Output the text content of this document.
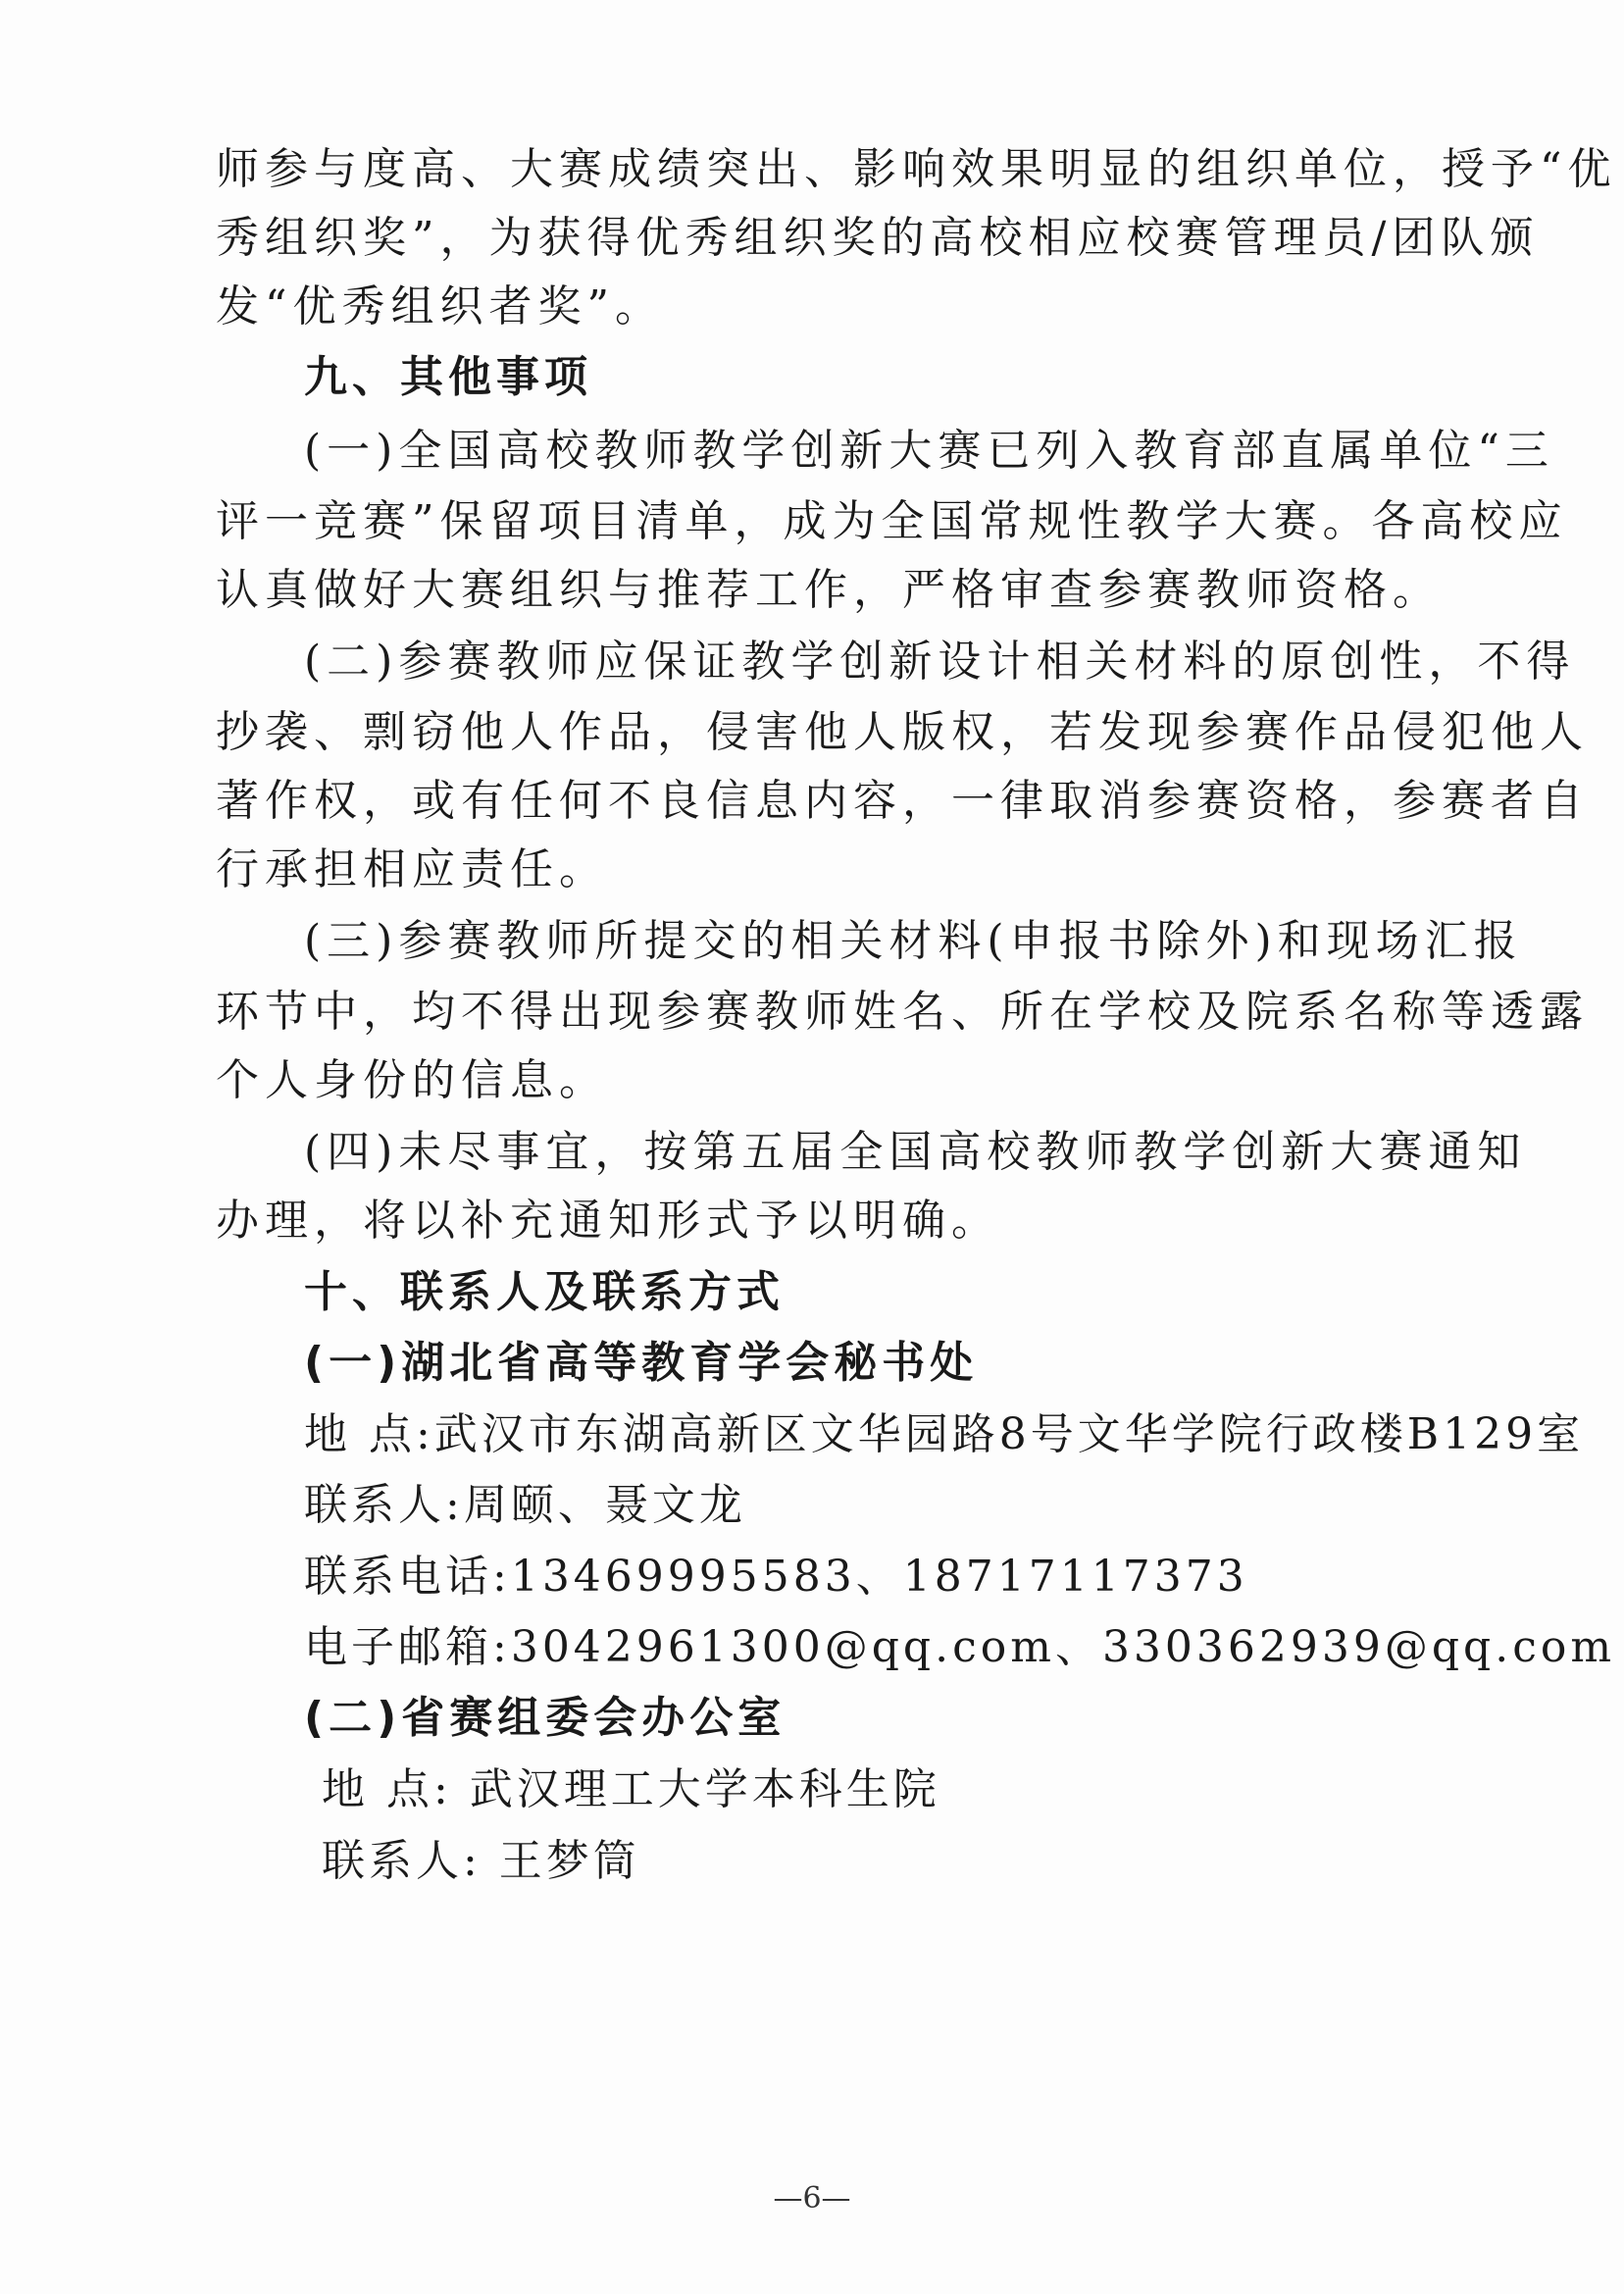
师参与度高、大赛成绩突出、影响效果明显的组织单位，授予“优
秀组织奖”，为获得优秀组织奖的高校相应校赛管理员/团队颁
发“优秀组织者奖”。
九、其他事项
(一)全国高校教师教学创新大赛已列入教育部直属单位“三
评一竞赛”保留项目清单，成为全国常规性教学大赛。各高校应
认真做好大赛组织与推荐工作，严格审查参赛教师资格。
(二)参赛教师应保证教学创新设计相关材料的原创性，不得
抄袭、剽窃他人作品，侵害他人版权，若发现参赛作品侵犯他人
著作权，或有任何不良信息内容，一律取消参赛资格，参赛者自
行承担相应责任。
(三)参赛教师所提交的相关材料(申报书除外)和现场汇报
环节中，均不得出现参赛教师姓名、所在学校及院系名称等透露
个人身份的信息。
(四)未尽事宜，按第五届全国高校教师教学创新大赛通知
办理，将以补充通知形式予以明确。
十、联系人及联系方式
(一)湖北省高等教育学会秘书处
地 点:武汉市东湖高新区文华园路8号文华学院行政楼B129室
联系人:周颐、聂文龙
联系电话:13469995583、18717117373
电子邮箱:3042961300@qq.com、330362939@qq.com
(二)省赛组委会办公室
地 点: 武汉理工大学本科生院
联系人: 王梦筒
—6—
